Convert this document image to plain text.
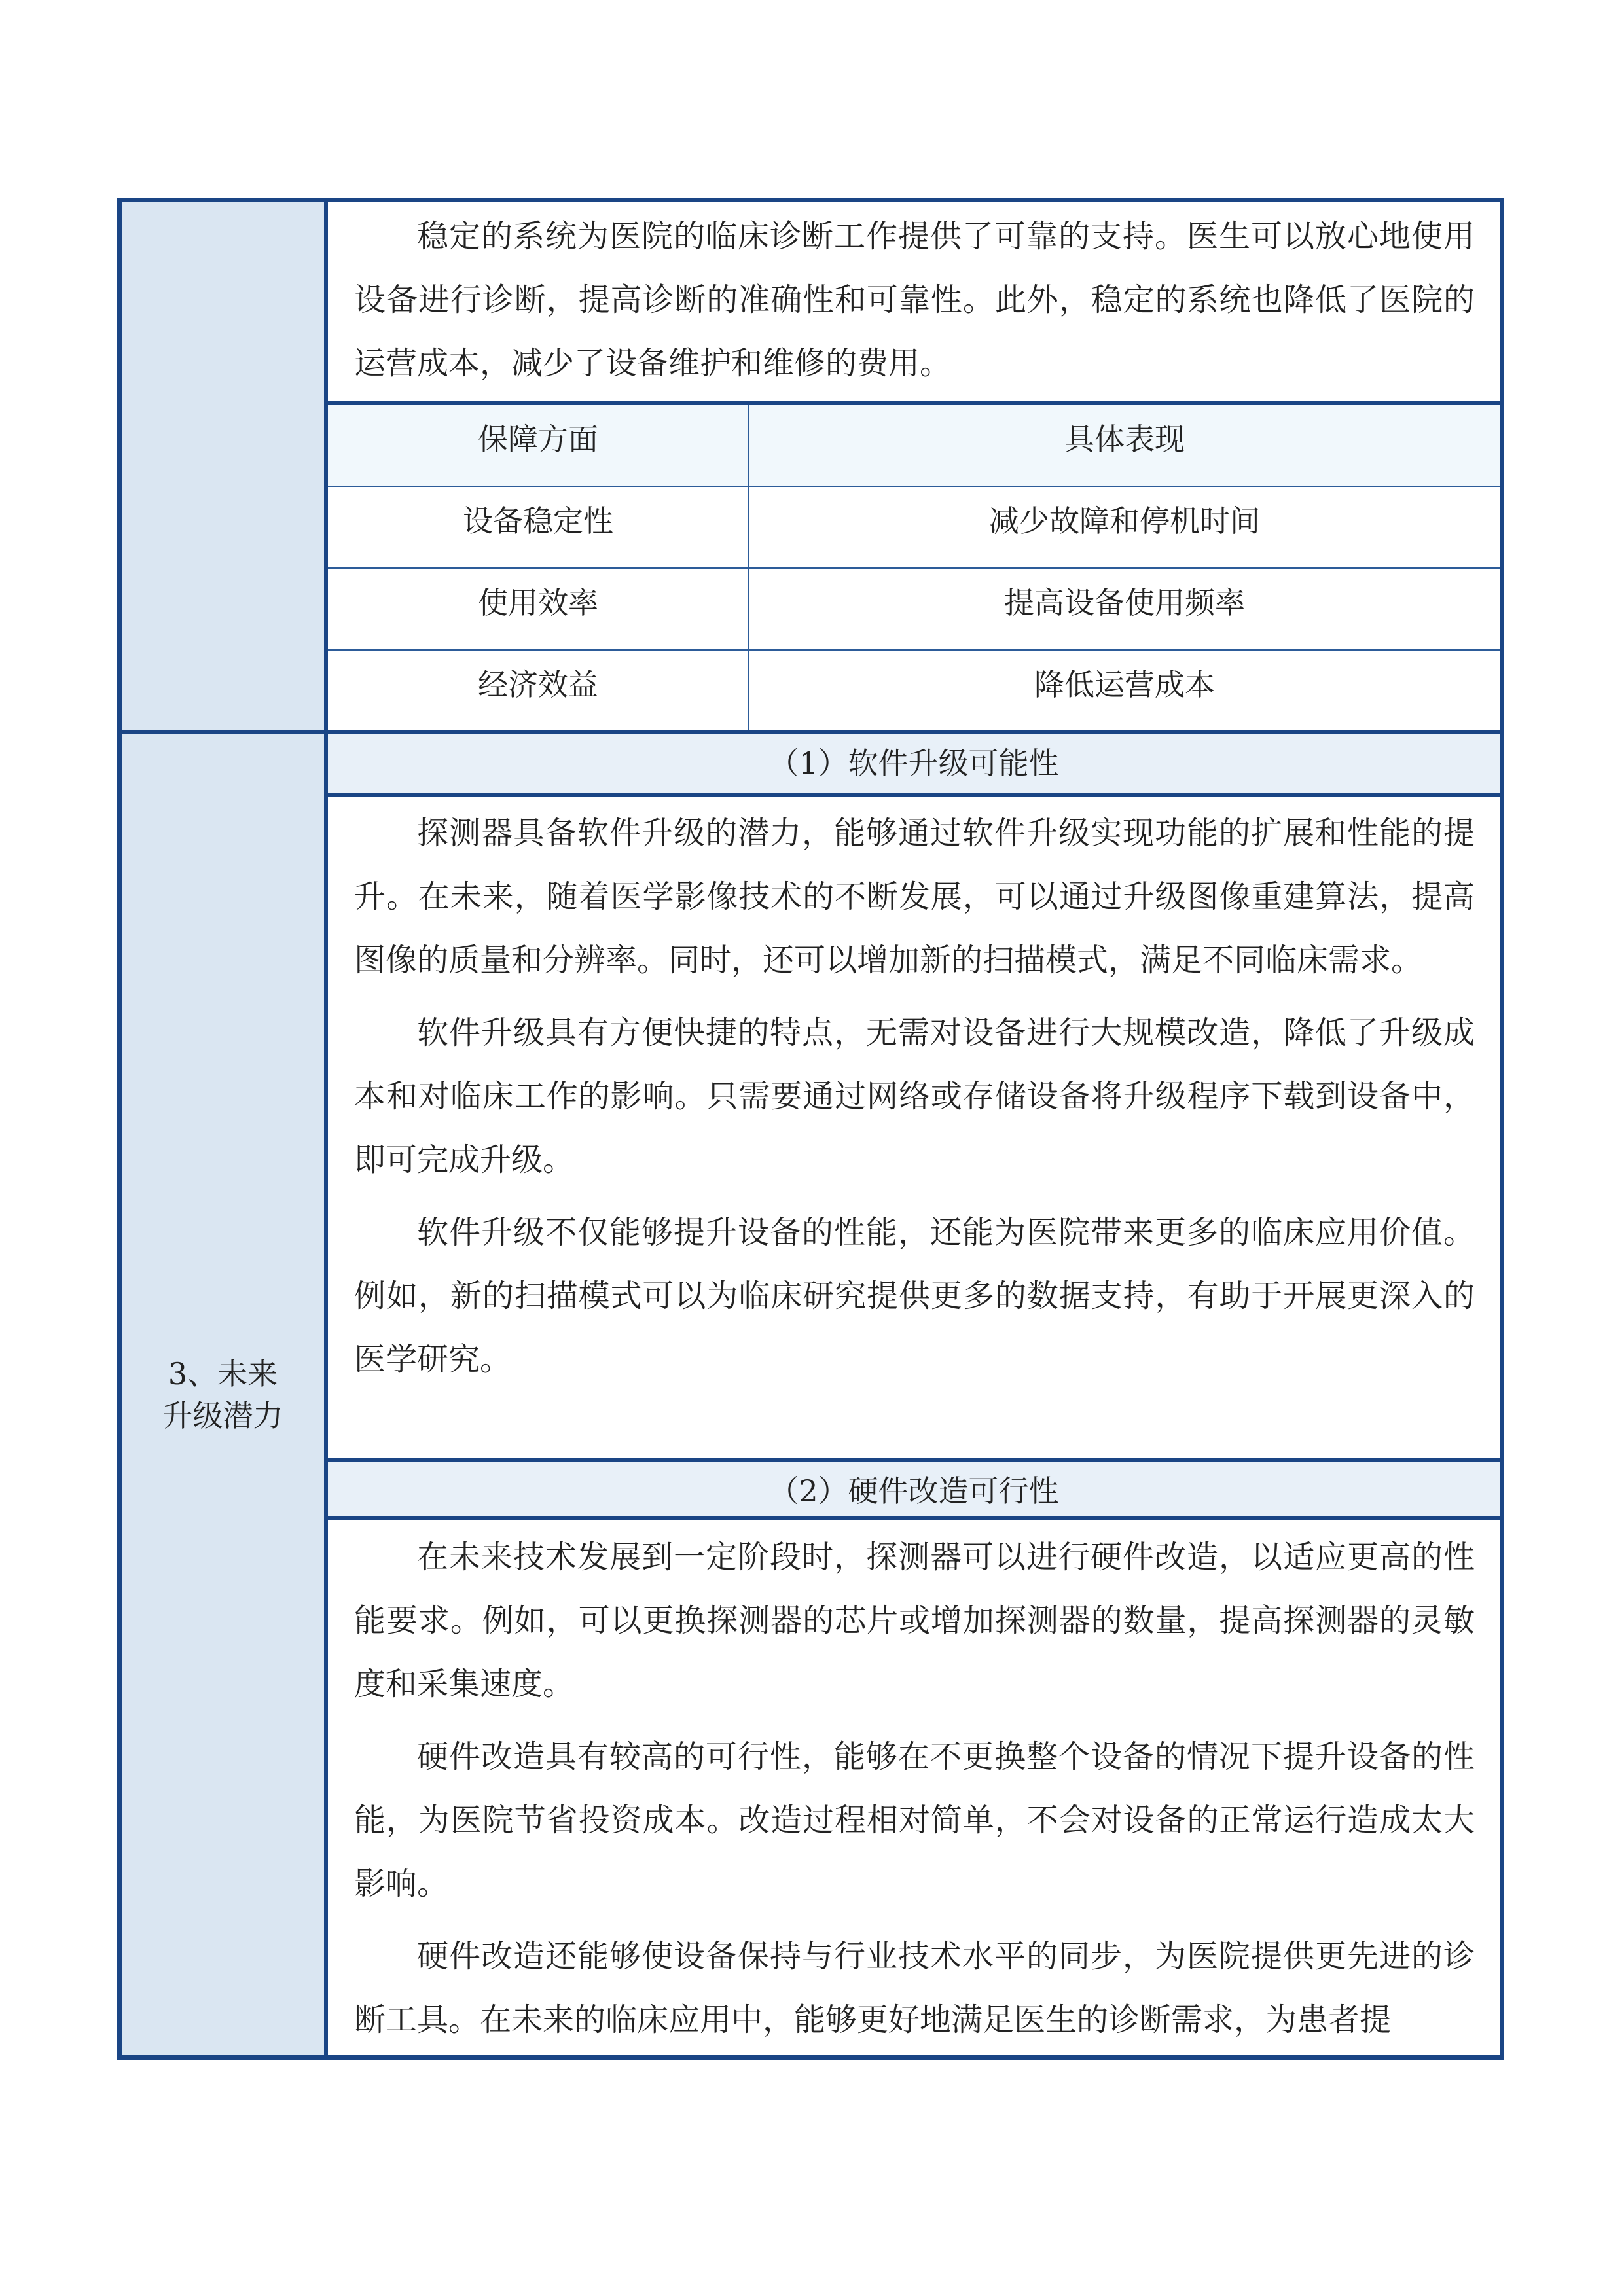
3、未来升级潜力

稳定的系统为医院的临床诊断工作提供了可靠的支持。医生可以放心地使用设备进行诊断，提高诊断的准确性和可靠性。此外，稳定的系统也降低了医院的运营成本，减少了设备维护和维修的费用。

保障方面	具体表现
设备稳定性	减少故障和停机时间
使用效率	提高设备使用频率
经济效益	降低运营成本
（1）软件升级可能性

探测器具备软件升级的潜力，能够通过软件升级实现功能的扩展和性能的提升。在未来，随着医学影像技术的不断发展，可以通过升级图像重建算法，提高图像的质量和分辨率。同时，还可以增加新的扫描模式，满足不同临床需求。

软件升级具有方便快捷的特点，无需对设备进行大规模改造，降低了升级成本和对临床工作的影响。只需要通过网络或存储设备将升级程序下载到设备中，即可完成升级。

软件升级不仅能够提升设备的性能，还能为医院带来更多的临床应用价值。例如，新的扫描模式可以为临床研究提供更多的数据支持，有助于开展更深入的医学研究。

（2）硬件改造可行性

在未来技术发展到一定阶段时，探测器可以进行硬件改造，以适应更高的性能要求。例如，可以更换探测器的芯片或增加探测器的数量，提高探测器的灵敏度和采集速度。

硬件改造具有较高的可行性，能够在不更换整个设备的情况下提升设备的性能，为医院节省投资成本。改造过程相对简单，不会对设备的正常运行造成太大影响。

硬件改造还能够使设备保持与行业技术水平的同步，为医院提供更先进的诊断工具。在未来的临床应用中，能够更好地满足医生的诊断需求，为患者提
